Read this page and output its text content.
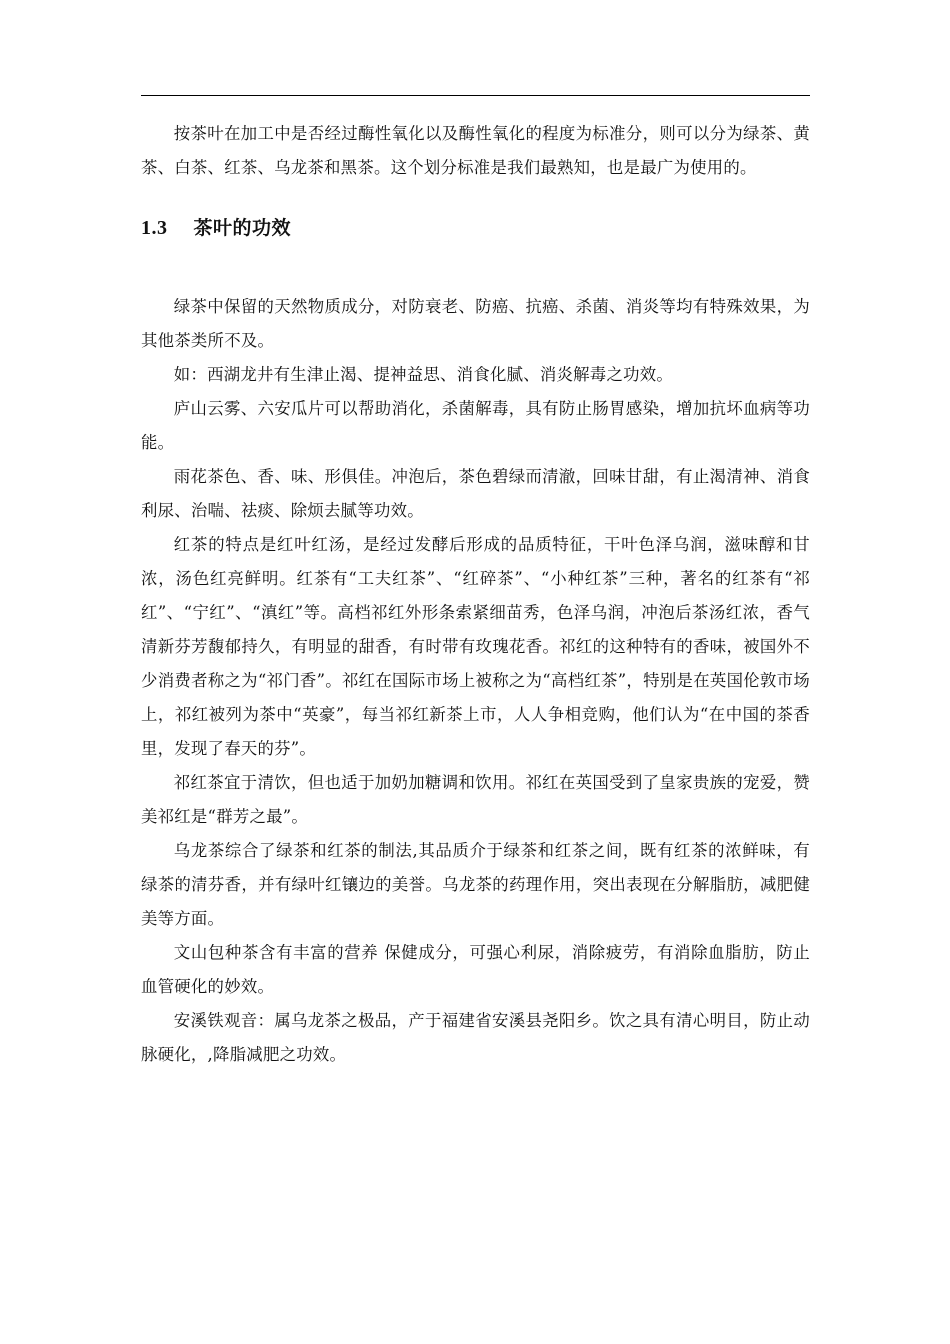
按茶叶在加工中是否经过酶性氧化以及酶性氧化的程度为标准分，则可以分为绿茶、黄茶、白茶、红茶、乌龙茶和黑茶。这个划分标准是我们最熟知，也是最广为使用的。

1.3 茶叶的功效

绿茶中保留的天然物质成分，对防衰老、防癌、抗癌、杀菌、消炎等均有特殊效果，为其他茶类所不及。

如：西湖龙井有生津止渴、提神益思、消食化腻、消炎解毒之功效。

庐山云雾、六安瓜片可以帮助消化，杀菌解毒，具有防止肠胃感染，增加抗坏血病等功能。

雨花茶色、香、味、形俱佳。冲泡后，茶色碧绿而清澈，回味甘甜，有止渴清神、消食利尿、治喘、祛痰、除烦去腻等功效。

红茶的特点是红叶红汤，是经过发酵后形成的品质特征，干叶色泽乌润，滋味醇和甘浓，汤色红亮鲜明。红茶有“工夫红茶”、“红碎茶”、“小种红茶”三种，著名的红茶有“祁红”、“宁红”、“滇红”等。高档祁红外形条索紧细苗秀，色泽乌润，冲泡后茶汤红浓，香气清新芬芳馥郁持久，有明显的甜香，有时带有玫瑰花香。祁红的这种特有的香味，被国外不少消费者称之为“祁门香”。祁红在国际市场上被称之为“高档红茶”，特别是在英国伦敦市场上，祁红被列为茶中“英豪”，每当祁红新茶上市，人人争相竞购，他们认为“在中国的茶香里，发现了春天的芬”。

祁红茶宜于清饮，但也适于加奶加糖调和饮用。祁红在英国受到了皇家贵族的宠爱，赞美祁红是“群芳之最”。

乌龙茶综合了绿茶和红茶的制法,其品质介于绿茶和红茶之间，既有红茶的浓鲜味，有绿茶的清芬香，并有绿叶红镶边的美誉。乌龙茶的药理作用，突出表现在分解脂肪，减肥健美等方面。

文山包种茶含有丰富的营养 保健成分，可强心利尿，消除疲劳，有消除血脂肪，防止血管硬化的妙效。

安溪铁观音：属乌龙茶之极品，产于福建省安溪县尧阳乡。饮之具有清心明目，防止动脉硬化，,降脂减肥之功效。
